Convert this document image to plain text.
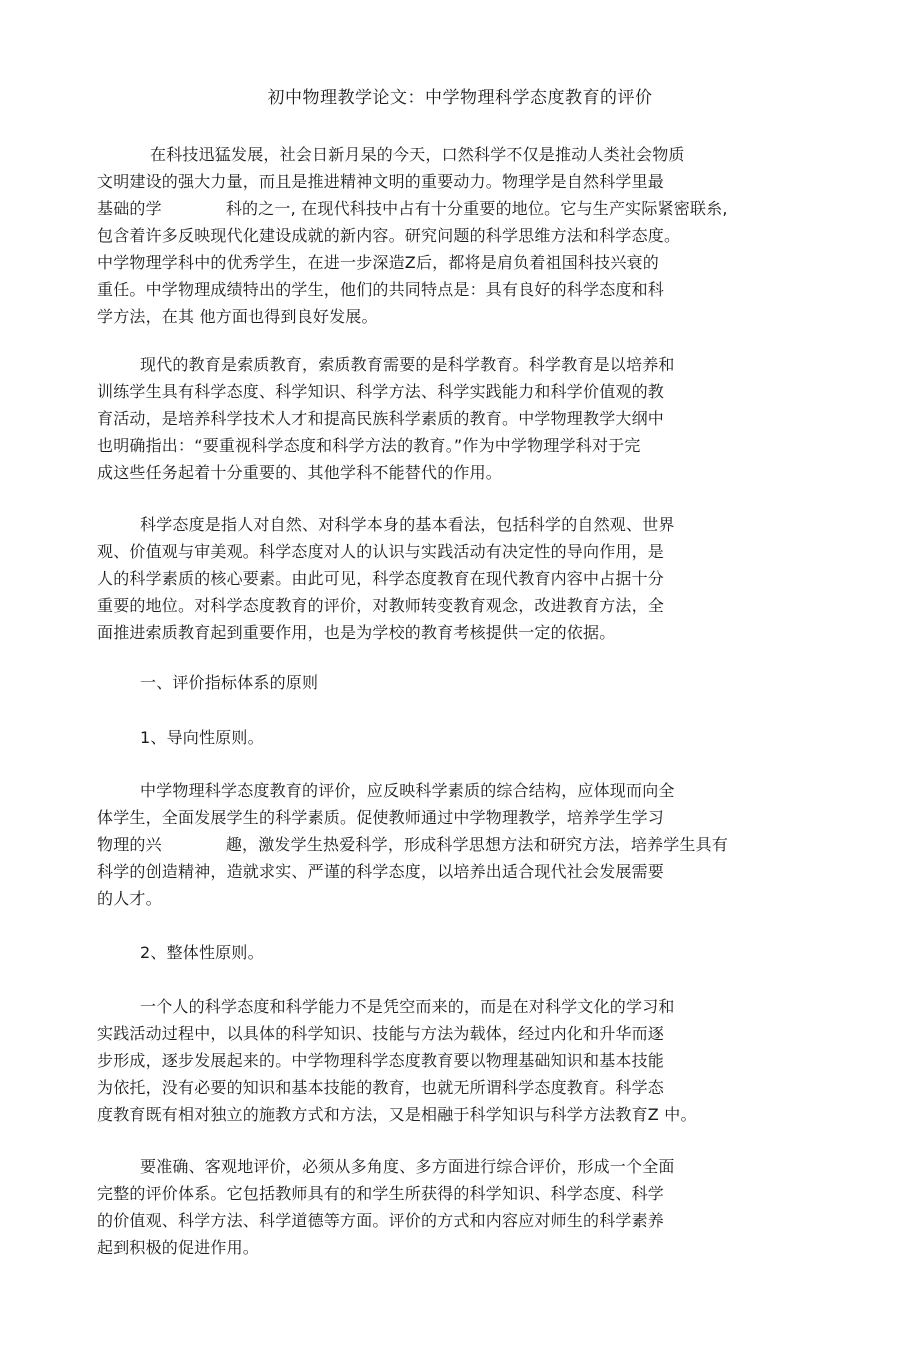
初中物理教学论文：中学物理科学态度教育的评价
在科技迅猛发展，社会日新月杲的今天，口然科学不仅是推动人类社会物质
文明建设的强大力量，而且是推进精神文明的重要动力。物理学是自然科学里最
基础的学	科的之一, 在现代科技中占有十分重要的地位。它与生产实际紧密联糸,
包含着许多反映现代化建设成就的新内容。研究问题的科学思维方法和科学态度。
中学物理学科中的优秀学生，在进一步深造Z后，都将是肩负着祖国科技兴衰的
重任。中学物理成绩特出的学生，他们的共同特点是：具有良好的科学态度和科
学方法，在其 他方面也得到良好发展。
现代的教育是索质教育，索质教育需要的是科学教育。科学教育是以培养和
训练学生具有科学态度、科学知识、科学方法、科学实践能力和科学价值观的教
育活动，是培养科学技术人才和提高民族科学素质的教育。中学物理教学大纲中
也明确指出：“要重视科学态度和科学方法的教育。”作为中学物理学科对于完
成这些任务起着十分重要的、其他学科不能替代的作用。
科学态度是指人对自然、对科学本身的基本看法，包括科学的自然观、世界
观、价值观与审美观。科学态度对人的认识与实践活动有决定性的导向作用，是
人的科学素质的核心要素。由此可见，科学态度教育在现代教育内容中占据十分
重要的地位。对科学态度教育的评价，对教师转变教育观念，改进教育方法，全
面推进索质教育起到重要作用，也是为学校的教育考核提供一定的依据。
一、评价指标体系的原则
1、导向性原则。
中学物理科学态度教育的评价，应反映科学素质的综合结构，应体现而向全
体学生，全面发展学生的科学素质。促使教师通过中学物理教学，培养学生学习
物理的兴	趣，激发学生热爱科学，形成科学思想方法和研究方法，培养学生具有
科学的创造精神，造就求实、严谨的科学态度，以培养出适合现代社会发展需要
的人才。
2、整体性原则。
一个人的科学态度和科学能力不是凭空而来的，而是在对科学文化的学习和
实践活动过程中，以具体的科学知识、技能与方法为载体，经过内化和升华而逐
步形成，逐步发展起来的。中学物理科学态度教育要以物理基础知识和基本技能
为依托，没有必要的知识和基本技能的教育，也就无所谓科学态度教育。科学态
度教育既有相对独立的施教方式和方法，又是相融于科学知识与科学方法教育Z 中。
要准确、客观地评价，必须从多角度、多方面进行综合评价，形成一个全面
完整的评价体系。它包括教师具有的和学生所获得的科学知识、科学态度、科学
的价值观、科学方法、科学道德等方面。评价的方式和内容应对师生的科学素养
起到积极的促进作用。
